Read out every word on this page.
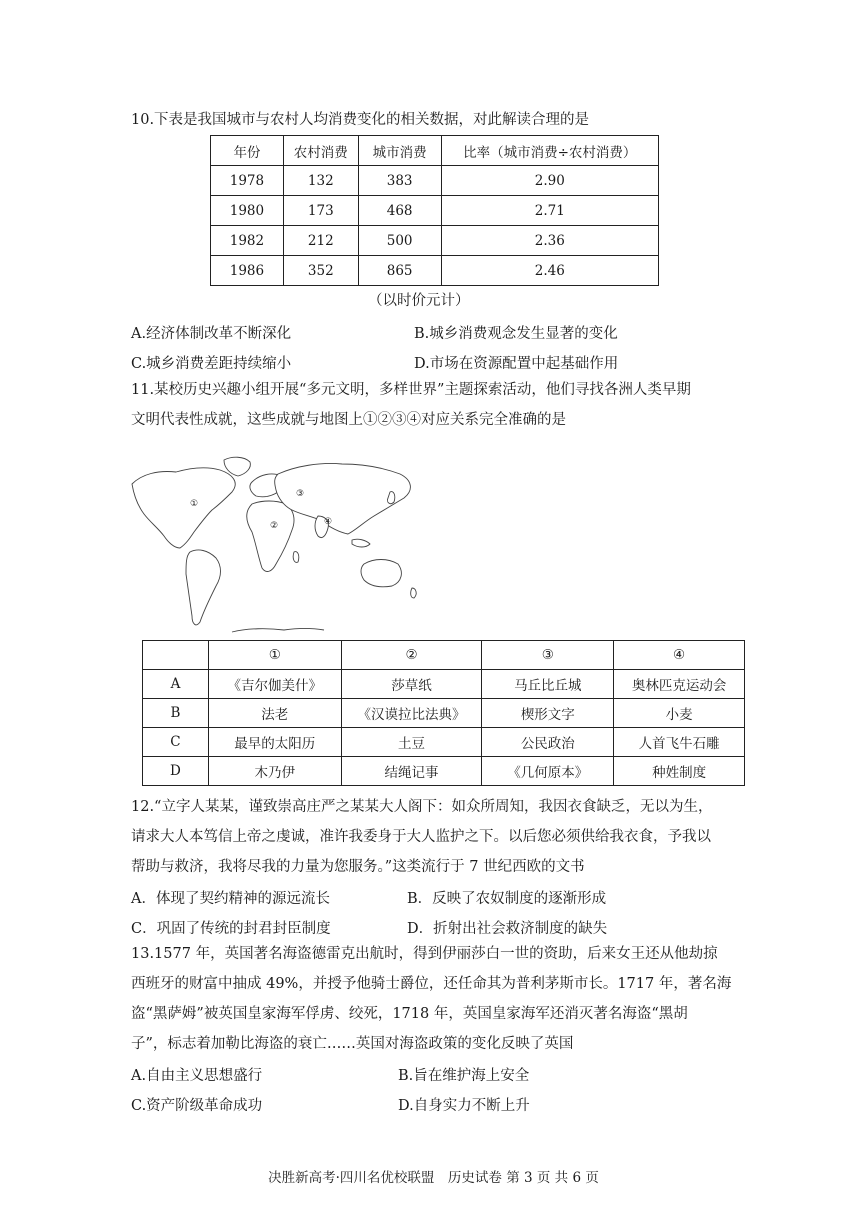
10.下表是我国城市与农村人均消费变化的相关数据，对此解读合理的是
年份	农村消费	城市消费	比率（城市消费÷农村消费）
1978	132	383	2.90
1980	173	468	2.71
1982	212	500	2.36
1986	352	865	2.46
（以时价元计）
A.经济体制改革不断深化	B.城乡消费观念发生显著的变化
C.城乡消费差距持续缩小	D.市场在资源配置中起基础作用
11.某校历史兴趣小组开展“多元文明，多样世界”主题探索活动，他们寻找各洲人类早期
文明代表性成就，这些成就与地图上①②③④对应关系完全准确的是
①
②
③
④
	①	②	③	④
A	《吉尔伽美什》	莎草纸	马丘比丘城	奥林匹克运动会
B	法老	《汉谟拉比法典》	楔形文字	小麦
C	最早的太阳历	土豆	公民政治	人首飞牛石雕
D	木乃伊	结绳记事	《几何原本》	种姓制度
12.“立字人某某，谨致崇高庄严之某某大人阁下：如众所周知，我因衣食缺乏，无以为生，
请求大人本笃信上帝之虔诚，准许我委身于大人监护之下。以后您必须供给我衣食，予我以
帮助与救济，我将尽我的力量为您服务。”这类流行于 7 世纪西欧的文书
A．体现了契约精神的源远流长	B．反映了农奴制度的逐渐形成
C．巩固了传统的封君封臣制度	D．折射出社会救济制度的缺失
13.1577 年，英国著名海盗德雷克出航时，得到伊丽莎白一世的资助，后来女王还从他劫掠
西班牙的财富中抽成 49%，并授予他骑士爵位，还任命其为普利茅斯市长。1717 年，著名海
盗“黑萨姆”被英国皇家海军俘虏、绞死，1718 年，英国皇家海军还消灭著名海盗“黑胡
子”，标志着加勒比海盗的衰亡……英国对海盗政策的变化反映了英国
A.自由主义思想盛行	B.旨在维护海上安全
C.资产阶级革命成功	D.自身实力不断上升
决胜新高考·四川名优校联盟　历史试卷 第 3 页 共 6 页
